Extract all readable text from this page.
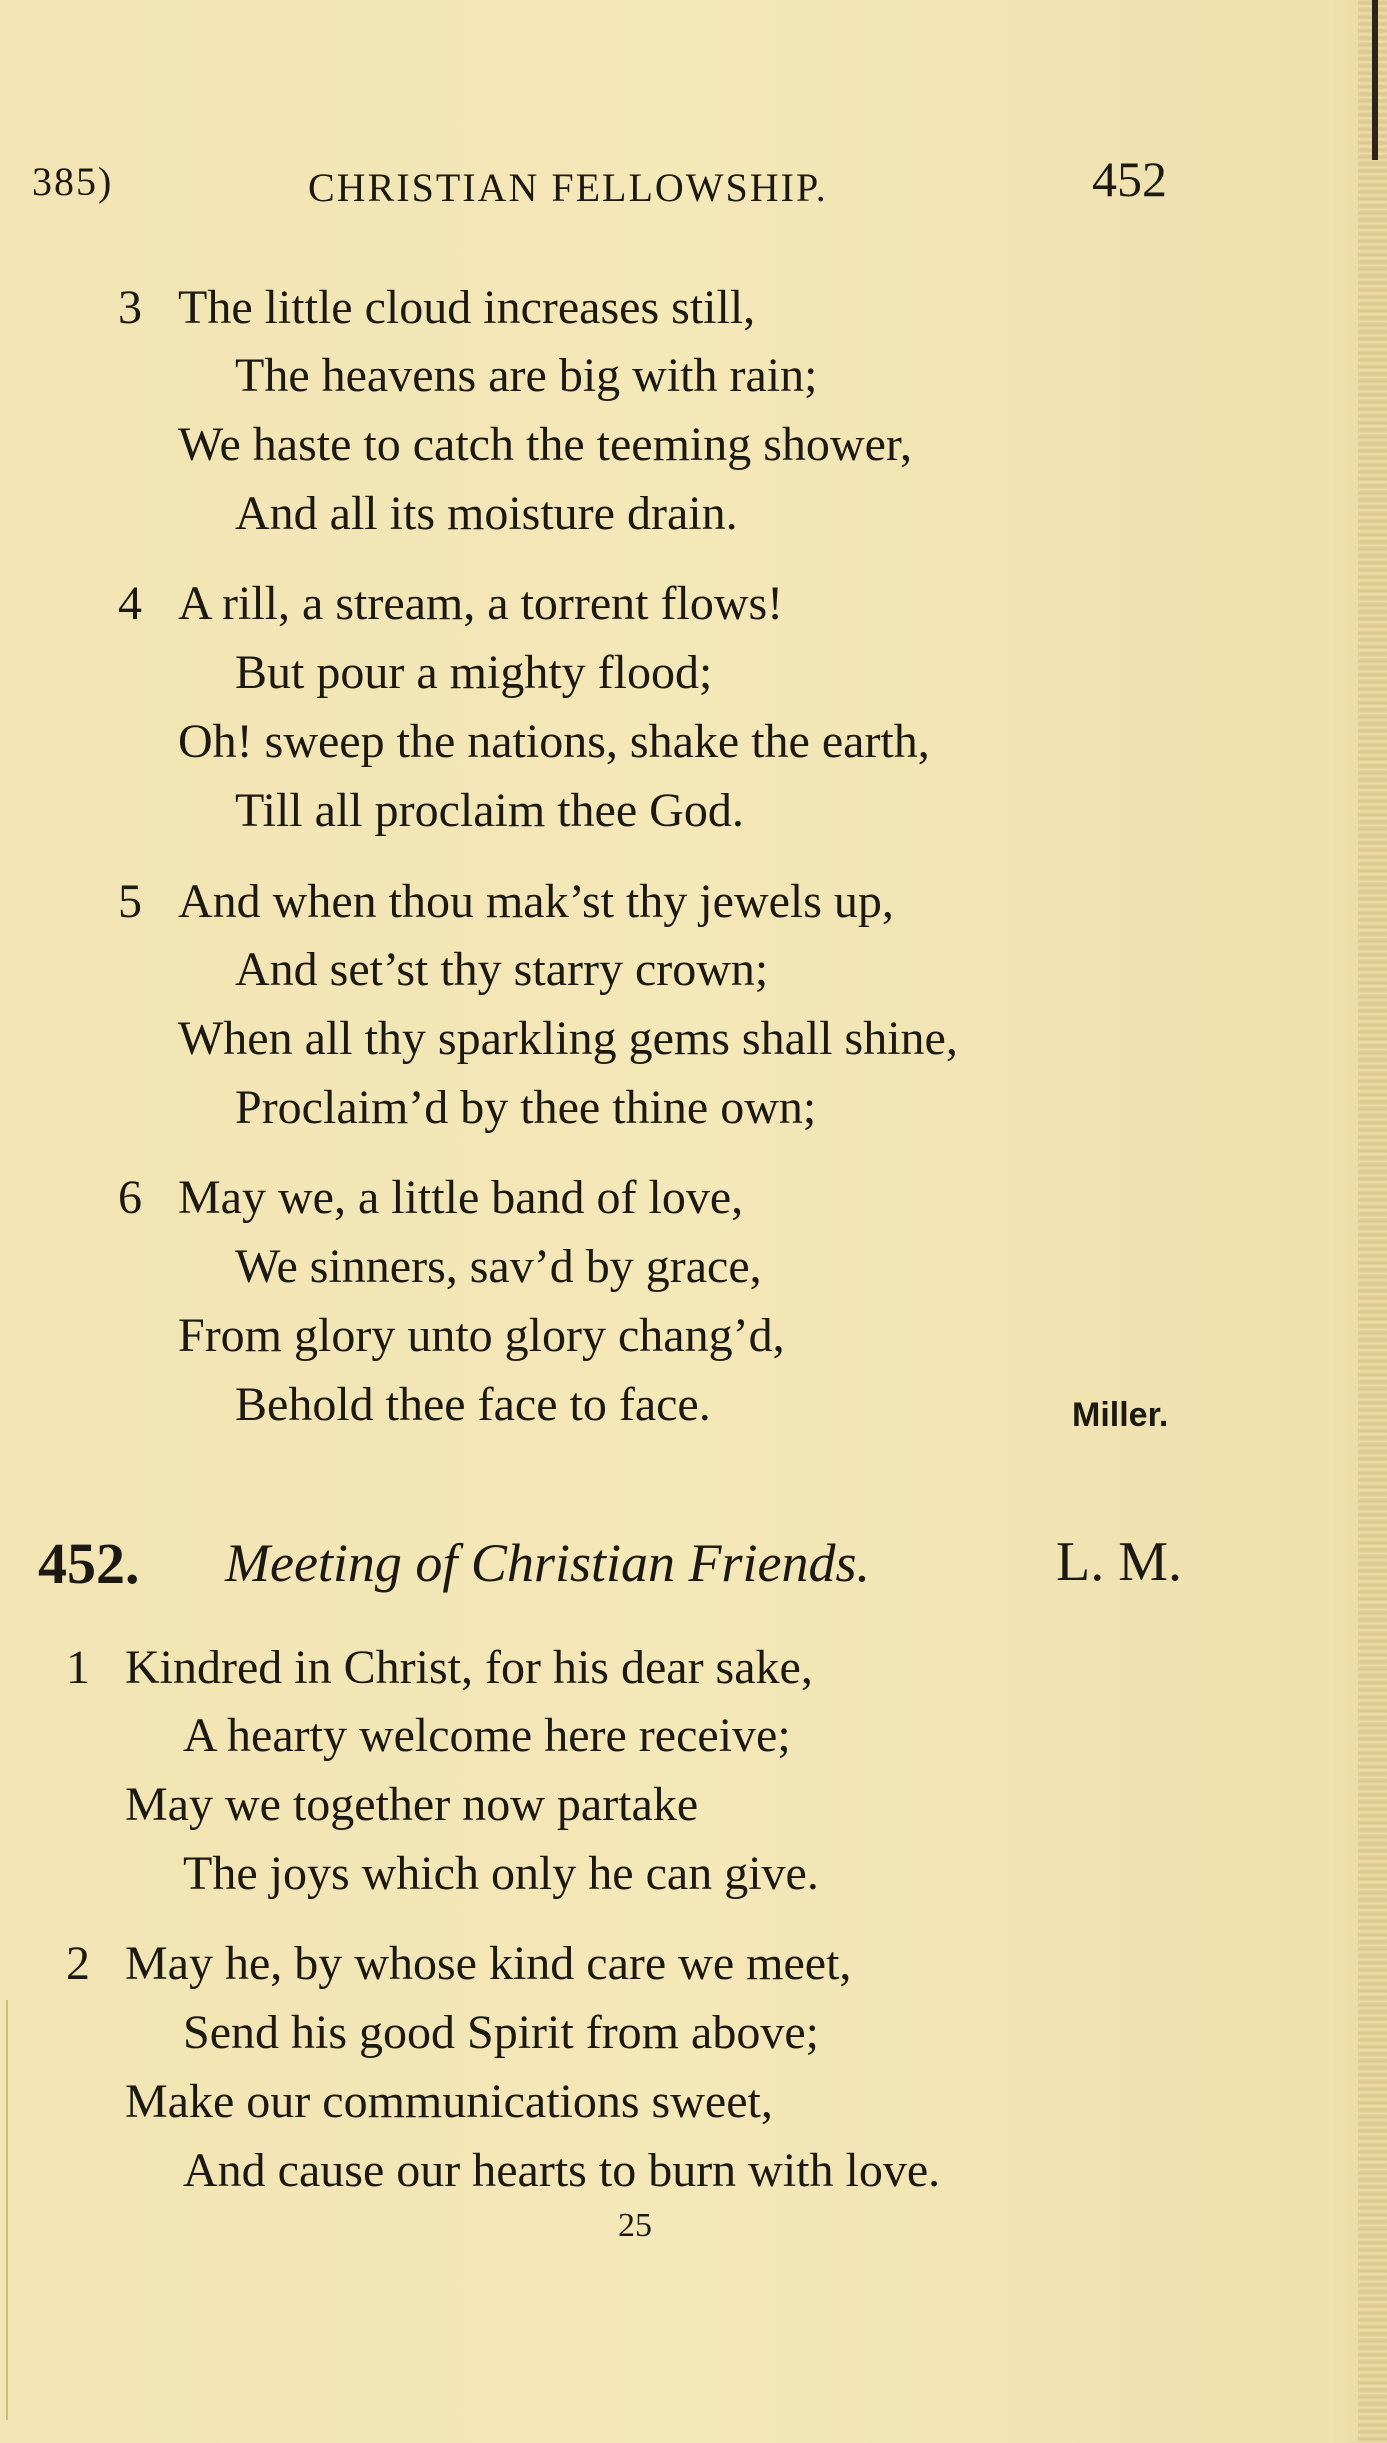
385)	CHRISTIAN FELLOWSHIP.	452
3 The little cloud increases still,
The heavens are big with rain;
We haste to catch the teeming shower,
And all its moisture drain.
4 A rill, a stream, a torrent flows!
But pour a mighty flood;
Oh! sweep the nations, shake the earth,
Till all proclaim thee God.
5 And when thou mak’st thy jewels up,
And set’st thy starry crown;
When all thy sparkling gems shall shine,
Proclaim’d by thee thine own;
6 May we, a little band of love,
We sinners, sav’d by grace,
From glory unto glory chang’d,
Behold thee face to face.	Miller.
452. Meeting of Christian Friends.	L. M.
1 Kindred in Christ, for his dear sake,
A hearty welcome here receive;
May we together now partake
The joys which only he can give.
2 May he, by whose kind care we meet,
Send his good Spirit from above;
Make our communications sweet,
And cause our hearts to burn with love.
25
